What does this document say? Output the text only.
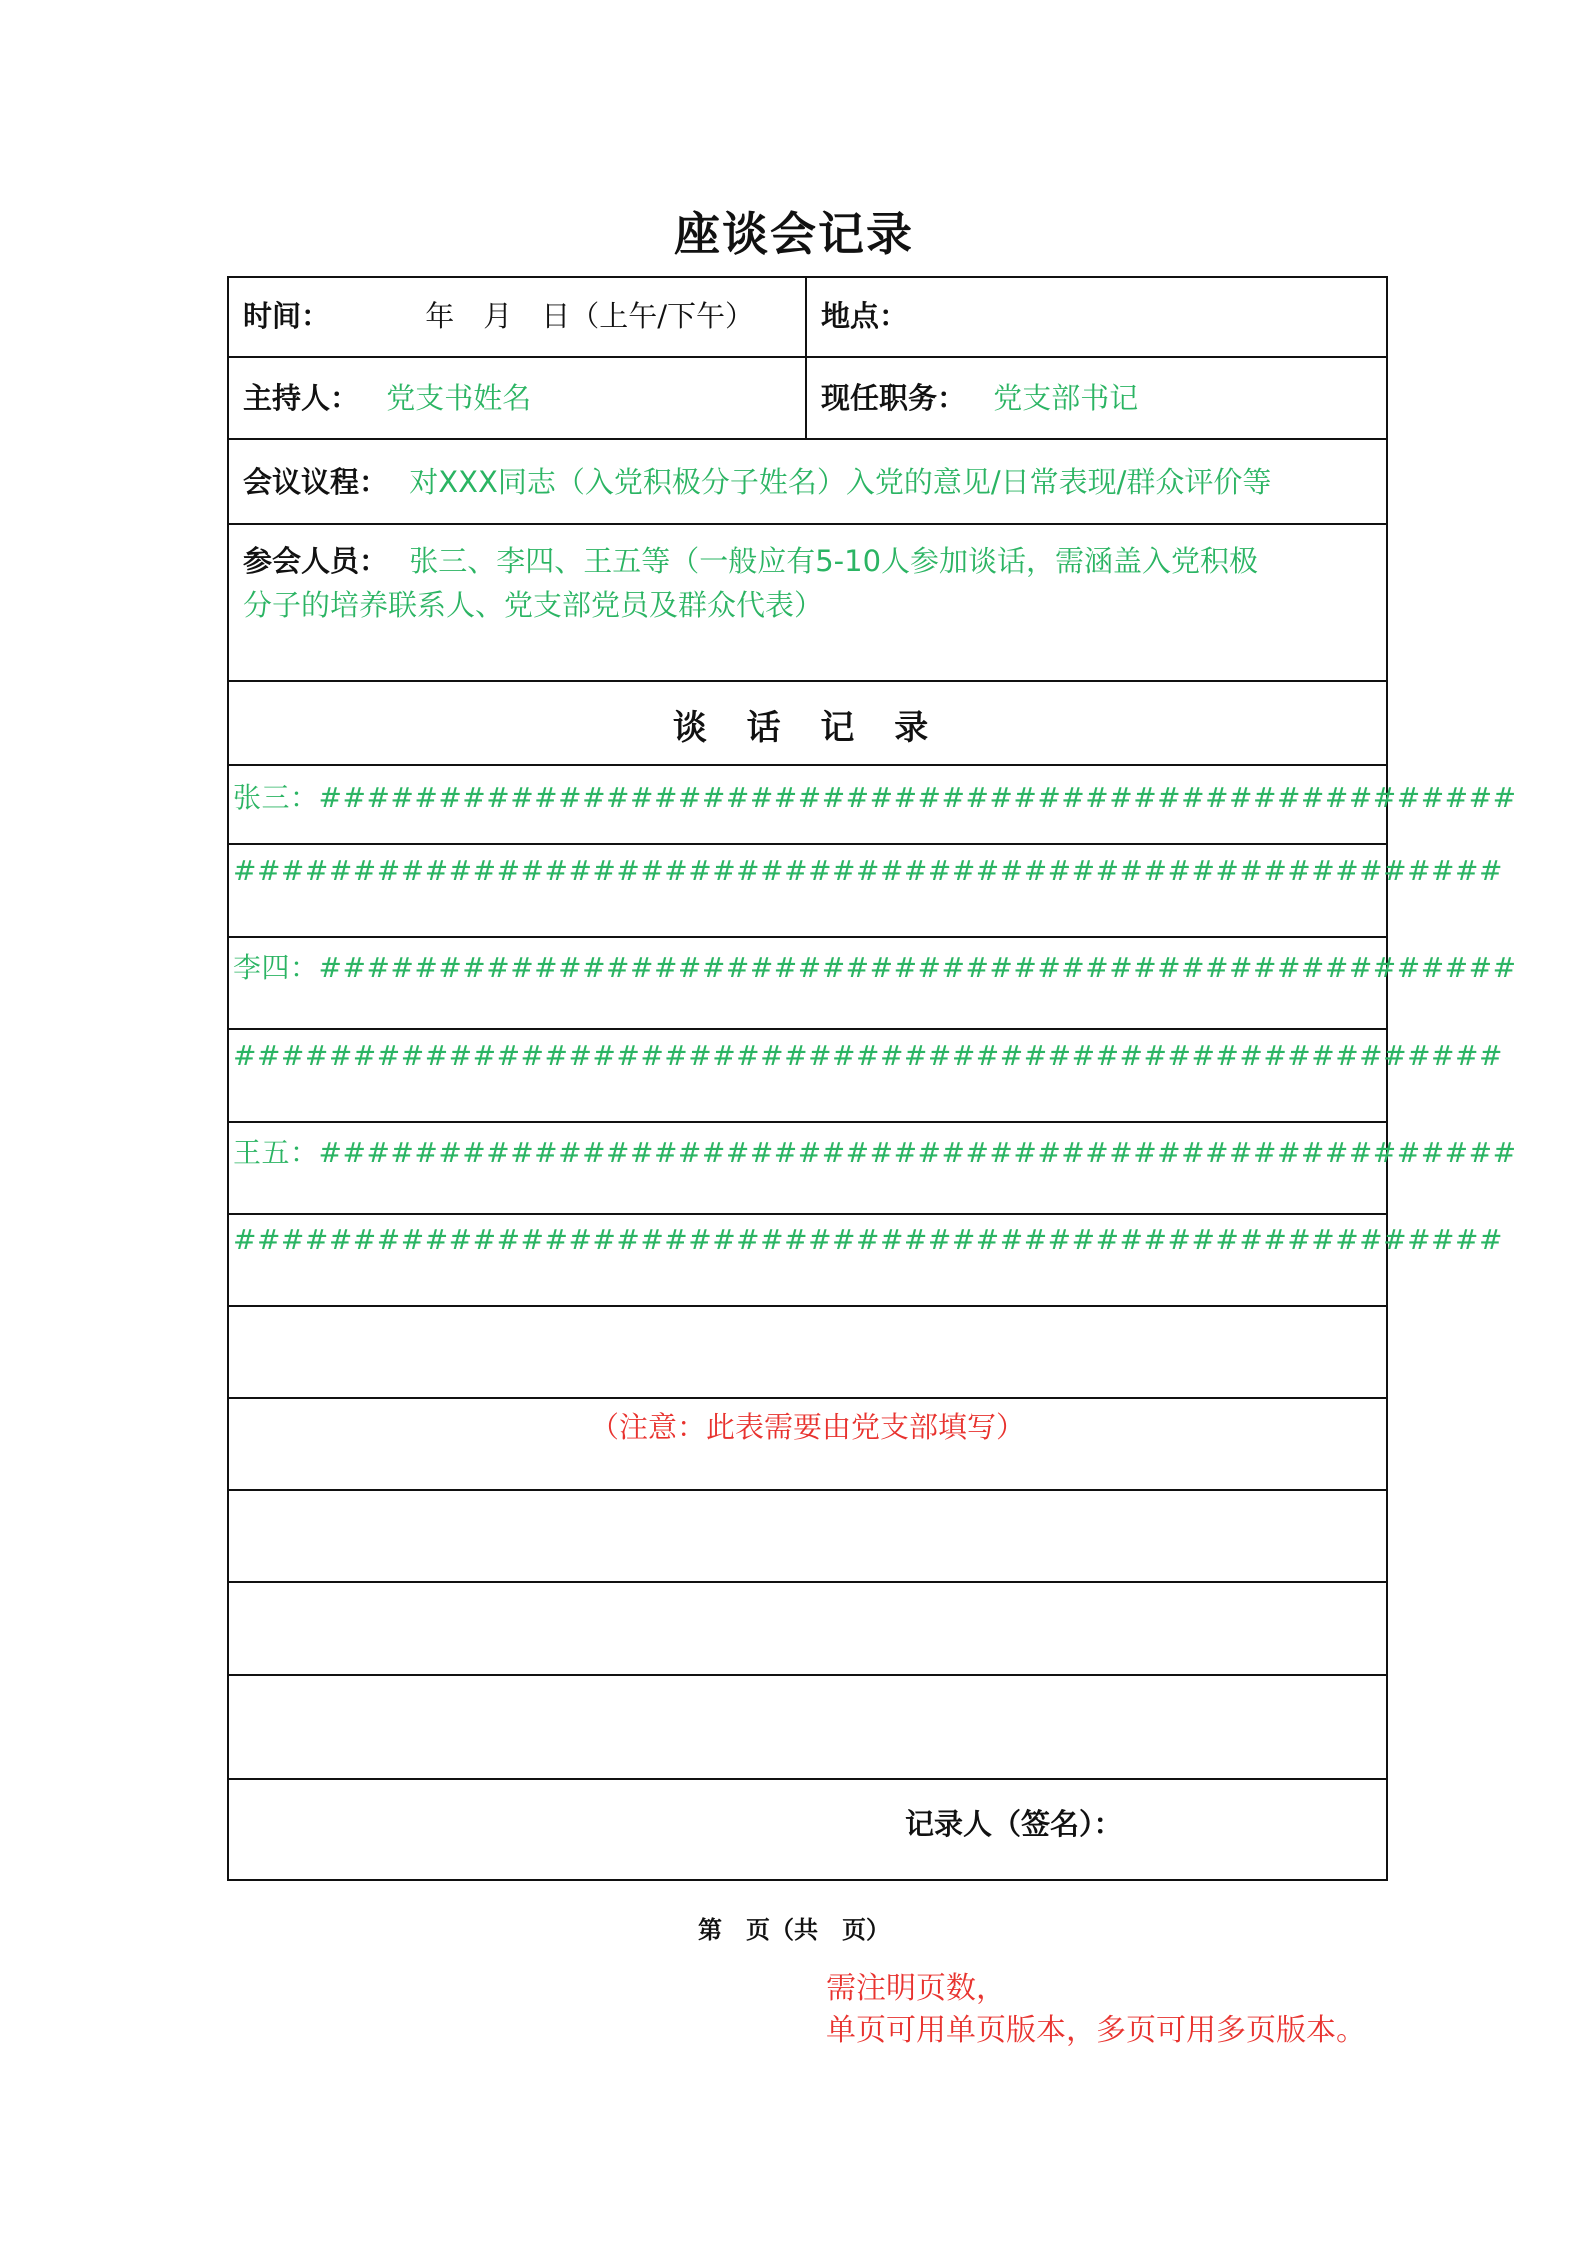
座谈会记录
时间：	年　月　日（上午/下午） 地点：
主持人： 党支书姓名	现任职务： 党支部书记
会议议程： 对XXX同志（入党积极分子姓名）入党的意见/日常表现/群众评价等
参会人员： 张三、李四、王五等（一般应有5-10人参加谈话，需涵盖入党积极
分子的培养联系人、党支部党员及群众代表）
谈 话 记 录
张三：##################################################
#####################################################
李四：##################################################
#####################################################
王五：##################################################
#####################################################
（注意：此表需要由党支部填写）
记录人（签名）：
第　页（共　页）
需注明页数，
单页可用单页版本，多页可用多页版本。
